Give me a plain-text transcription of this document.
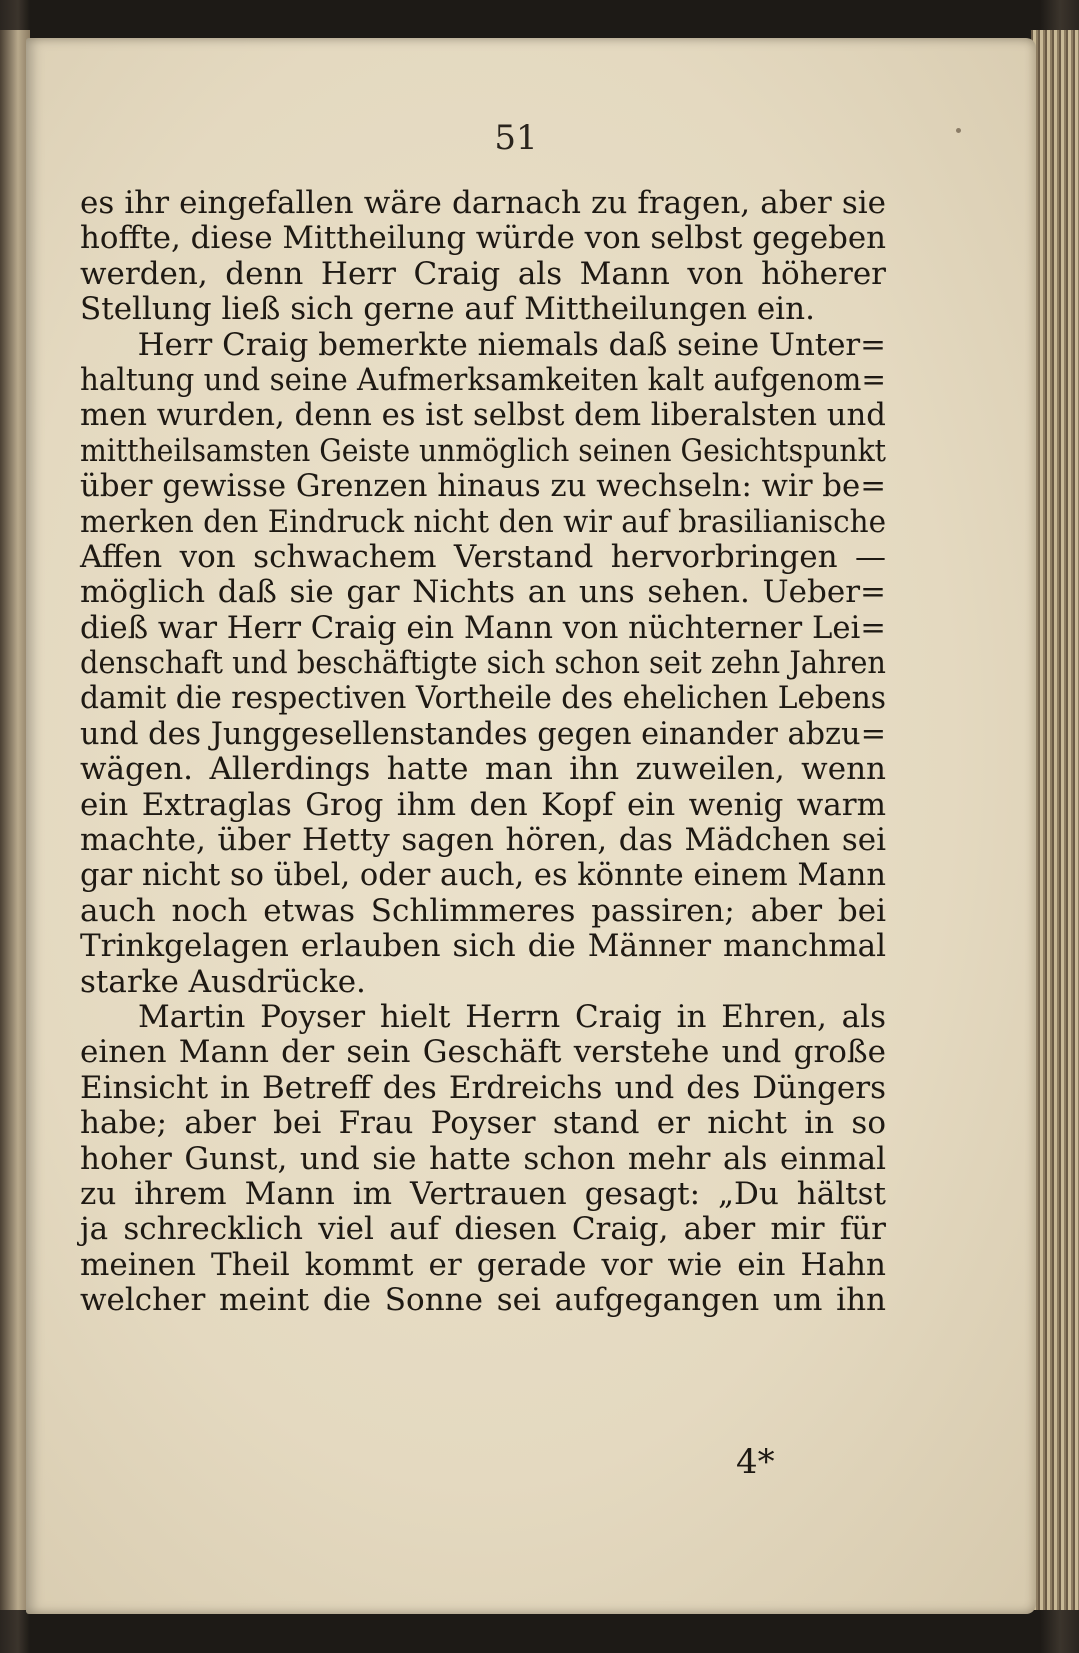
51
es ihr eingefallen wäre darnach zu fragen, aber sie
hoffte, diese Mittheilung würde von selbst gegeben
werden, denn Herr Craig als Mann von höherer
Stellung ließ sich gerne auf Mittheilungen ein.
Herr Craig bemerkte niemals daß seine Unter=
haltung und seine Aufmerksamkeiten kalt aufgenom=
men wurden, denn es ist selbst dem liberalsten und
mittheilsamsten Geiste unmöglich seinen Gesichtspunkt
über gewisse Grenzen hinaus zu wechseln: wir be=
merken den Eindruck nicht den wir auf brasilianische
Affen von schwachem Verstand hervorbringen —
möglich daß sie gar Nichts an uns sehen. Ueber=
dieß war Herr Craig ein Mann von nüchterner Lei=
denschaft und beschäftigte sich schon seit zehn Jahren
damit die respectiven Vortheile des ehelichen Lebens
und des Junggesellenstandes gegen einander abzu=
wägen. Allerdings hatte man ihn zuweilen, wenn
ein Extraglas Grog ihm den Kopf ein wenig warm
machte, über Hetty sagen hören, das Mädchen sei
gar nicht so übel, oder auch, es könnte einem Mann
auch noch etwas Schlimmeres passiren; aber bei
Trinkgelagen erlauben sich die Männer manchmal
starke Ausdrücke.
Martin Poyser hielt Herrn Craig in Ehren, als
einen Mann der sein Geschäft verstehe und große
Einsicht in Betreff des Erdreichs und des Düngers
habe; aber bei Frau Poyser stand er nicht in so
hoher Gunst, und sie hatte schon mehr als einmal
zu ihrem Mann im Vertrauen gesagt: „Du hältst
ja schrecklich viel auf diesen Craig, aber mir für
meinen Theil kommt er gerade vor wie ein Hahn
welcher meint die Sonne sei aufgegangen um ihn
4*
